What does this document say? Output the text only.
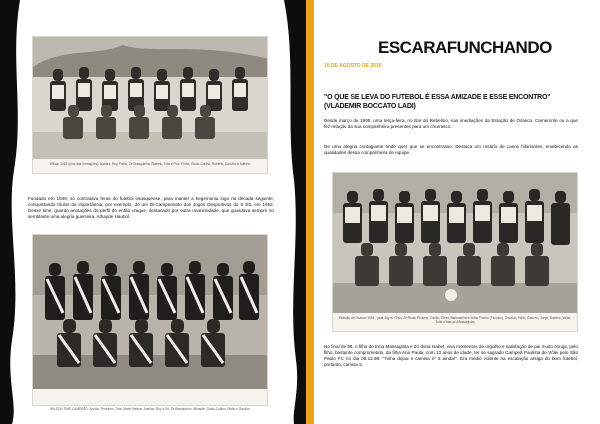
Wilson 1952 (uma das formações): Alcides, Ruy, Fábio, Zé Brasquinho, Stabelo, Tota e Prof. Pinho, Guido Collino, Roberto, Gaúcho e Adelino
Fundado em 1948, só contratava feras do futebol osasquense, para manter a hegemonia logo na década seguinte, conquistando títulos da importância, por exemplo, do um Bi-Campeonato dos Jogos Desportivos do S E6, em 1952. Desse time, guardo anotações do perfil do então craque, destacado por outra unanimidade, que guardava sempre no semblante uma alegria guerreira, Athayde Haubol.
WILSON TIME CAMPEÃO: Arcidio, Pedrinho, Tota, Mario Nelson, Adelino, Ruy e Zé, Zé Brasquinho, Athayde, Guido Collino, Máfio e Gaúcho
ESCARAFUNCHANDO
10 DE AGOSTO DE 2016
"O QUE SE LEVA DO FUTEBOL É ESSA AMIZADE E ESSE ENCONTRO" (VLADEMIR BOCCATO LADI)
Desde março de 1995, uma terça-feira, no Bar do Rebelino, nas imediações da Estação de Osasco. Cameronte ou a que fez relação da sua companheira presentes para um churrasco.
De uma alegria contagiante onde quer que se encontrasse. Destaca um rosário de casos hilariantes, enaltecendo as qualidades dessa companheira de equipe.
Seleção de Osasco 1955 - pela Jogos: Chiki, Zé Ruda, Ricardo, Carlão, Chan, Barbosinha e Velho Trocho (Técnico), Osvaldo, Hélio, Gaúcho, Jorge, Nacimo, Valter, Túlio e Marçal (Massagista)
No final de 98, o filho do Irma Massagista e do dona Isabel, viva momentos de orgulho e satisfação de pai muito coruja, pelo filho, bastante comprometido, da filha Ana Paula, com 13 anos de idade, ter se sagrado Campeã Paulista de Vôlei pelo São Paulo FC no dia 05.12.98: "Tinha dopai e camisa nº 5 ainda!". Era médio volante na escalação antiga do bom futebol, portanto, camisa 5.
